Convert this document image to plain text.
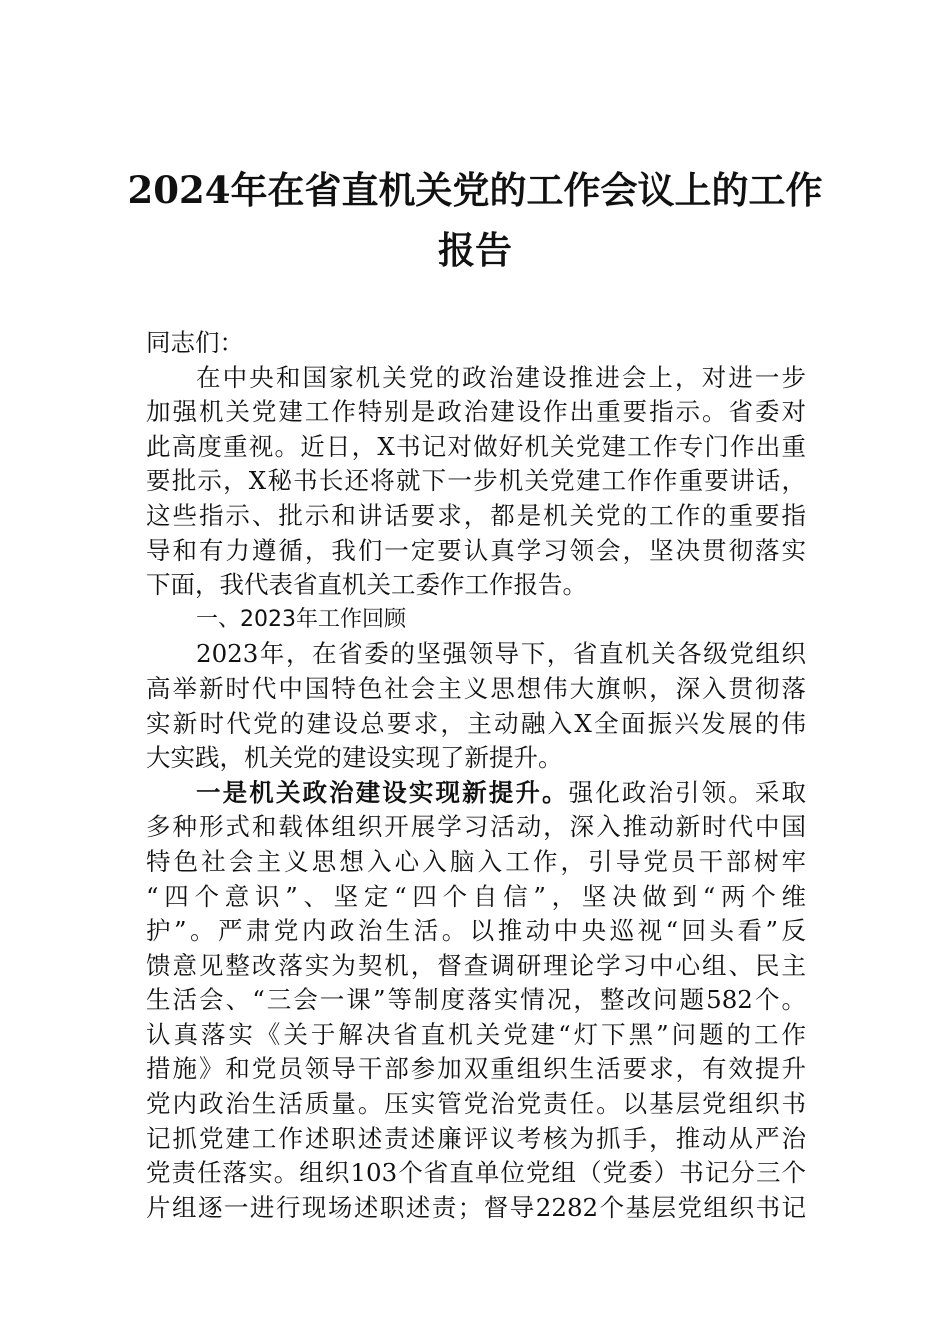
2024年在省直机关党的工作会议上的工作
报告
同志们：
在中央和国家机关党的政治建设推进会上，对进一步
加强机关党建工作特别是政治建设作出重要指示。省委对
此高度重视。近日，X书记对做好机关党建工作专门作出重
要批示，X秘书长还将就下一步机关党建工作作重要讲话，
这些指示、批示和讲话要求，都是机关党的工作的重要指
导和有力遵循，我们一定要认真学习领会，坚决贯彻落实
下面，我代表省直机关工委作工作报告。
一、2023年工作回顾
2023年，在省委的坚强领导下，省直机关各级党组织
高举新时代中国特色社会主义思想伟大旗帜，深入贯彻落
实新时代党的建设总要求，主动融入X全面振兴发展的伟
大实践，机关党的建设实现了新提升。
一是机关政治建设实现新提升。强化政治引领。采取
多种形式和载体组织开展学习活动，深入推动新时代中国
特色社会主义思想入心入脑入工作，引导党员干部树牢
“四个意识”、坚定“四个自信”，坚决做到“两个维
护”。严肃党内政治生活。以推动中央巡视“回头看”反
馈意见整改落实为契机，督查调研理论学习中心组、民主
生活会、“三会一课”等制度落实情况，整改问题582个。
认真落实《关于解决省直机关党建“灯下黑”问题的工作
措施》和党员领导干部参加双重组织生活要求，有效提升
党内政治生活质量。压实管党治党责任。以基层党组织书
记抓党建工作述职述责述廉评议考核为抓手，推动从严治
党责任落实。组织103个省直单位党组（党委）书记分三个
片组逐一进行现场述职述责；督导2282个基层党组织书记
